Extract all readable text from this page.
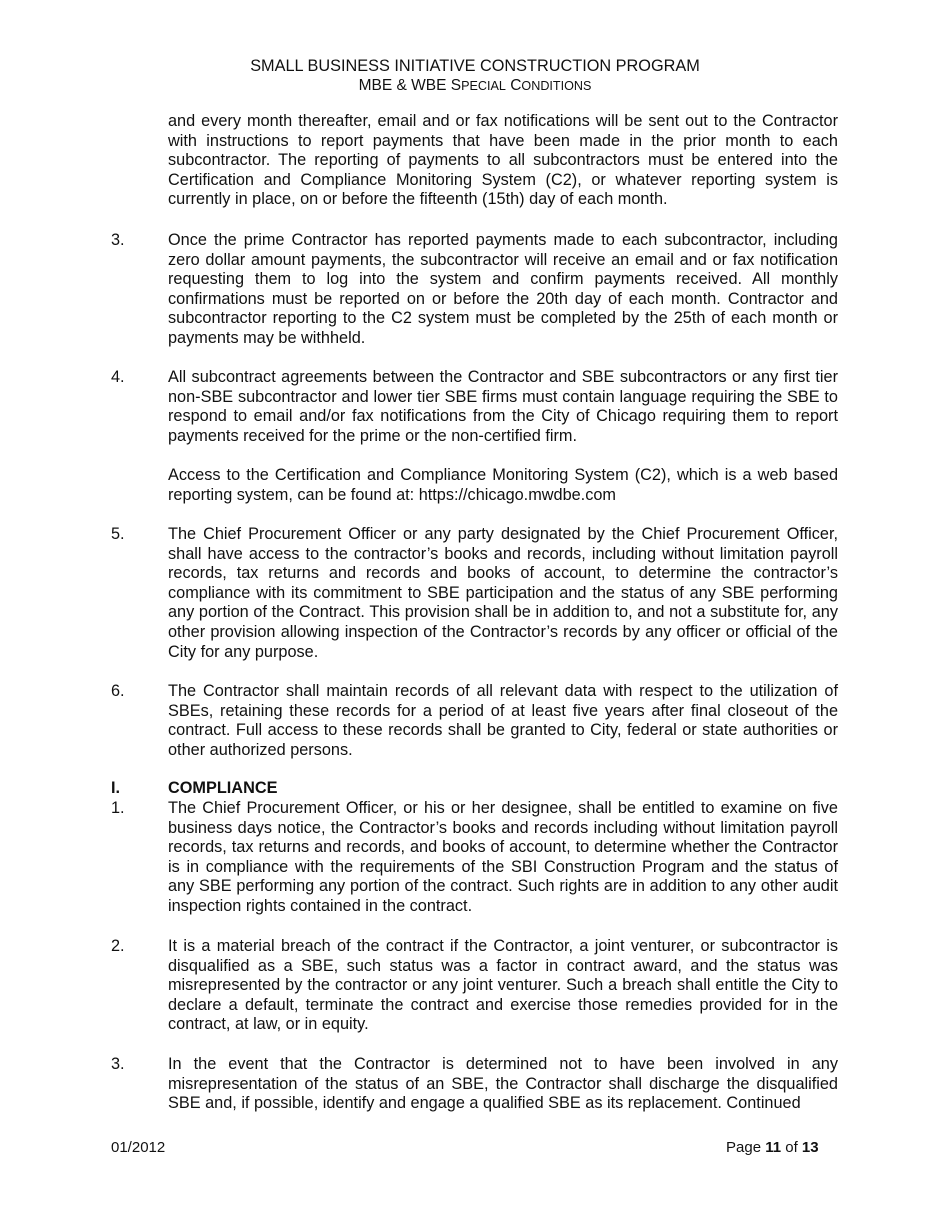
SMALL BUSINESS INITIATIVE CONSTRUCTION PROGRAM
MBE & WBE SPECIAL CONDITIONS

and every month thereafter, email and or fax notifications will be sent out to the Contractor with instructions to report payments that have been made in the prior month to each subcontractor. The reporting of payments to all subcontractors must be entered into the Certification and Compliance Monitoring System (C2), or whatever reporting system is currently in place, on or before the fifteenth (15th) day of each month.

3.	Once the prime Contractor has reported payments made to each subcontractor, including zero dollar amount payments, the subcontractor will receive an email and or fax notification requesting them to log into the system and confirm payments received. All monthly confirmations must be reported on or before the 20th day of each month. Contractor and subcontractor reporting to the C2 system must be completed by the 25th of each month or payments may be withheld.

4.	All subcontract agreements between the Contractor and SBE subcontractors or any first tier non-SBE subcontractor and lower tier SBE firms must contain language requiring the SBE to respond to email and/or fax notifications from the City of Chicago requiring them to report payments received for the prime or the non-certified firm.

Access to the Certification and Compliance Monitoring System (C2), which is a web based reporting system, can be found at: https://chicago.mwdbe.com

5.	The Chief Procurement Officer or any party designated by the Chief Procurement Officer, shall have access to the contractor’s books and records, including without limitation payroll records, tax returns and records and books of account, to determine the contractor’s compliance with its commitment to SBE participation and the status of any SBE performing any portion of the Contract. This provision shall be in addition to, and not a substitute for, any other provision allowing inspection of the Contractor’s records by any officer or official of the City for any purpose.

6.	The Contractor shall maintain records of all relevant data with respect to the utilization of SBEs, retaining these records for a period of at least five years after final closeout of the contract. Full access to these records shall be granted to City, federal or state authorities or other authorized persons.

I.	COMPLIANCE

1.	The Chief Procurement Officer, or his or her designee, shall be entitled to examine on five business days notice, the Contractor’s books and records including without limitation payroll records, tax returns and records, and books of account, to determine whether the Contractor is in compliance with the requirements of the SBI Construction Program and the status of any SBE performing any portion of the contract. Such rights are in addition to any other audit inspection rights contained in the contract.

2.	It is a material breach of the contract if the Contractor, a joint venturer, or subcontractor is disqualified as a SBE, such status was a factor in contract award, and the status was misrepresented by the contractor or any joint venturer. Such a breach shall entitle the City to declare a default, terminate the contract and exercise those remedies provided for in the contract, at law, or in equity.

3.	In the event that the Contractor is determined not to have been involved in any misrepresentation of the status of an SBE, the Contractor shall discharge the disqualified SBE and, if possible, identify and engage a qualified SBE as its replacement. Continued

01/2012	Page 11 of 13
